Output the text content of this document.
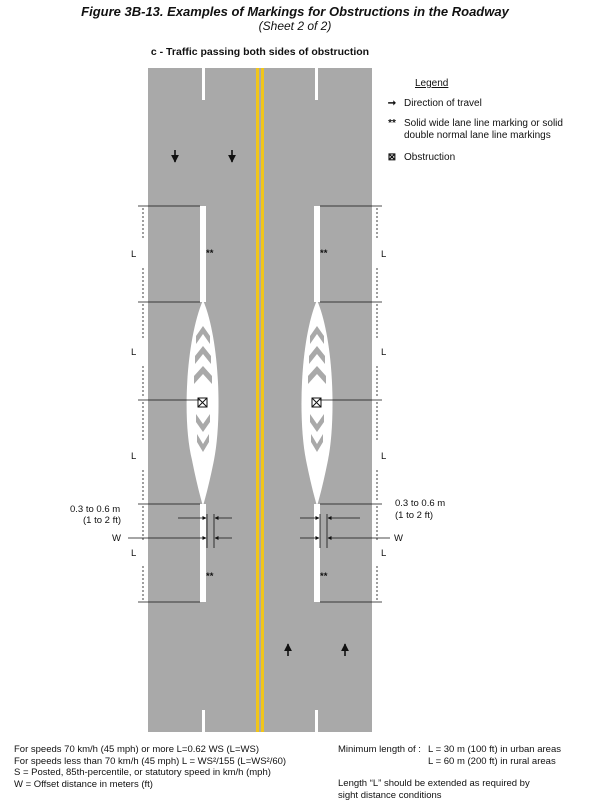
Figure 3B-13. Examples of Markings for Obstructions in the Roadway
(Sheet 2 of 2)
c - Traffic passing both sides of obstruction
Legend
➞ Direction of travel
** Solid wide lane line marking or solid double normal lane line markings
⊠ Obstruction
**	**
**	**
L
L
L
L
L
L
L
L
0.3 to 0.6 m
(1 to 2 ft)
W
0.3 to 0.6 m
(1 to 2 ft)
W
For speeds 70 km/h (45 mph) or more L=0.62 WS (L=WS)
For speeds less than 70 km/h (45 mph) L = WS²/155 (L=WS²/60)
S = Posted, 85th-percentile, or statutory speed in km/h (mph)
W = Offset distance in meters (ft)
Minimum length of : L = 30 m (100 ft) in urban areas
L = 60 m (200 ft) in rural areas
Length “L” should be extended as required by
sight distance conditions
